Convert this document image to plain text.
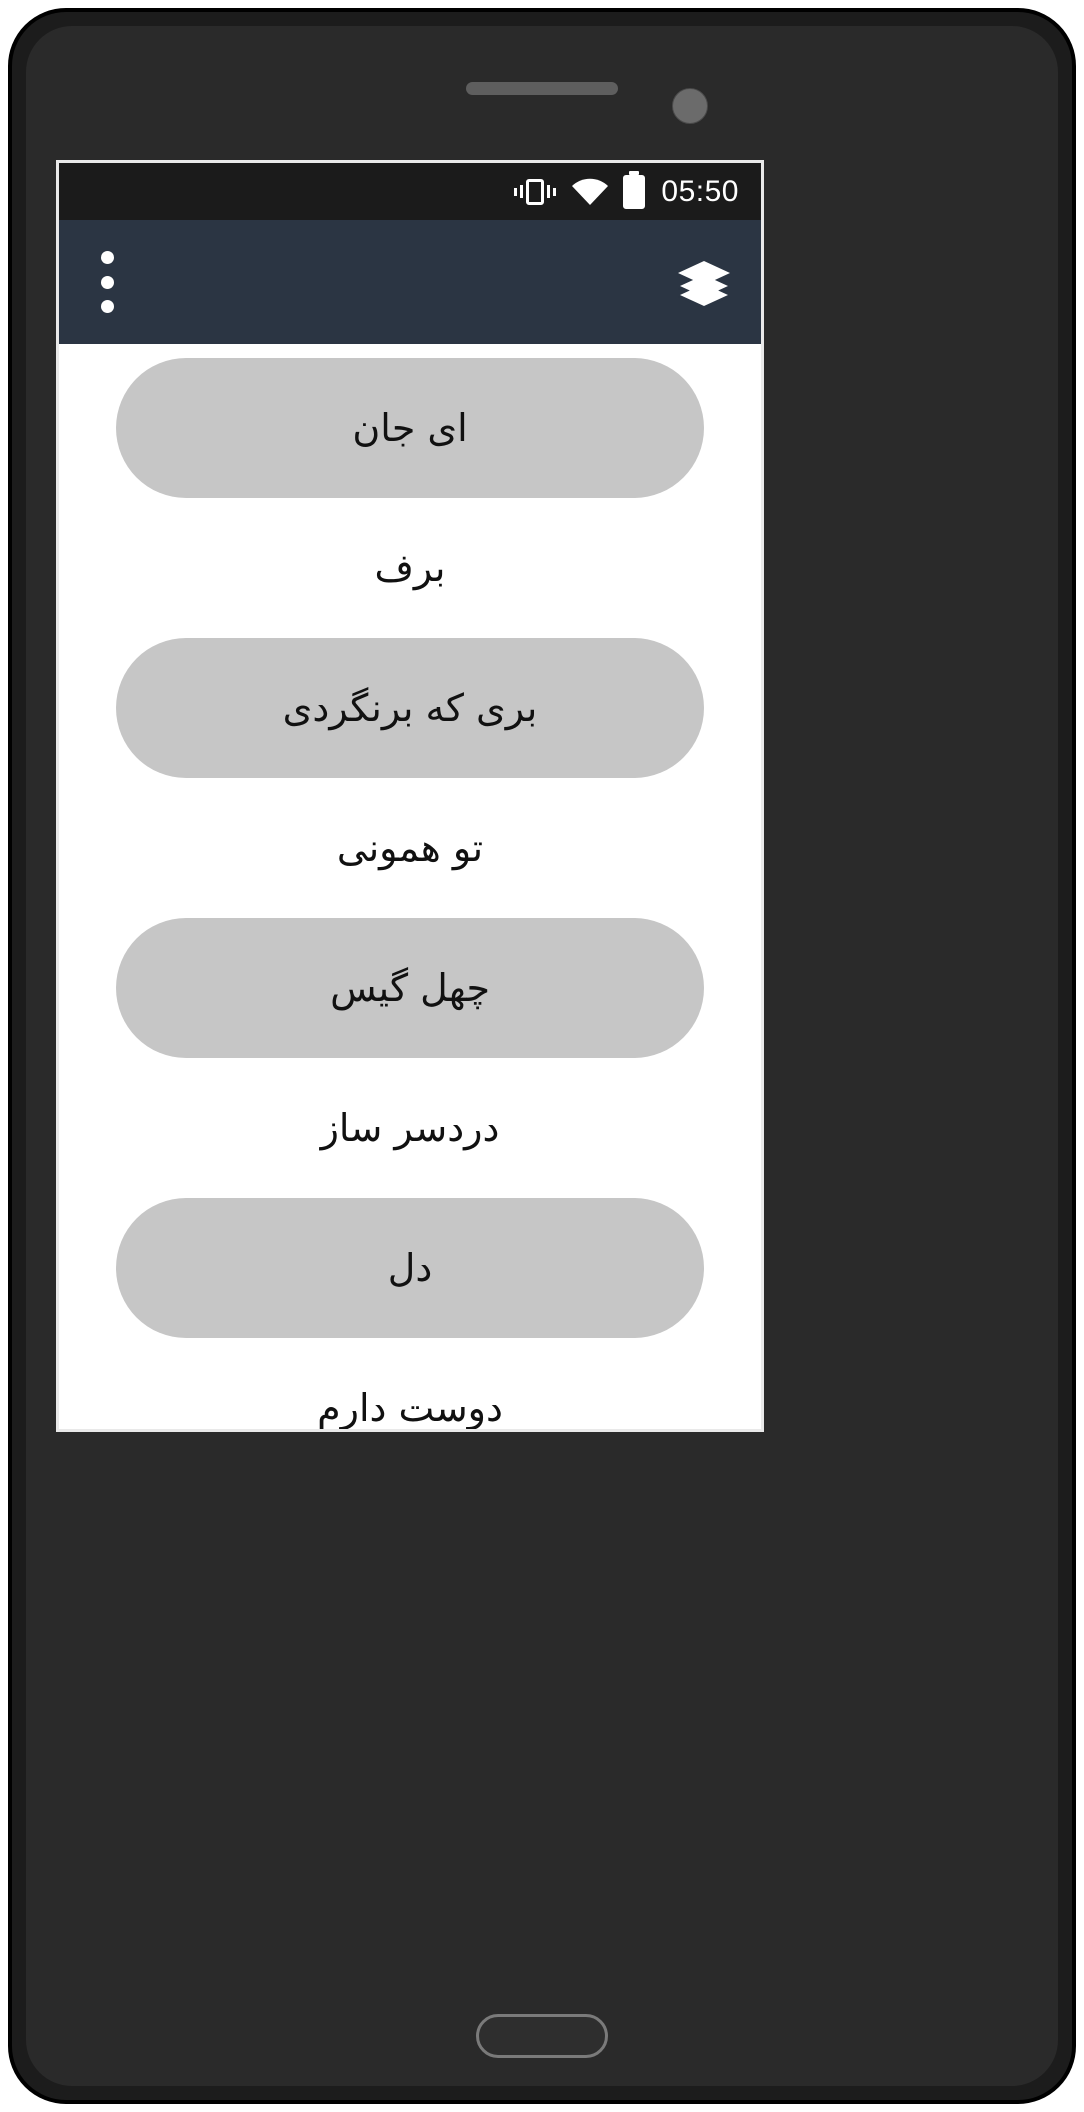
05:50
ای جان
برف
بری که برنگردی
تو همونی
چهل گیس
دردسر ساز
دل
دوست دارم
